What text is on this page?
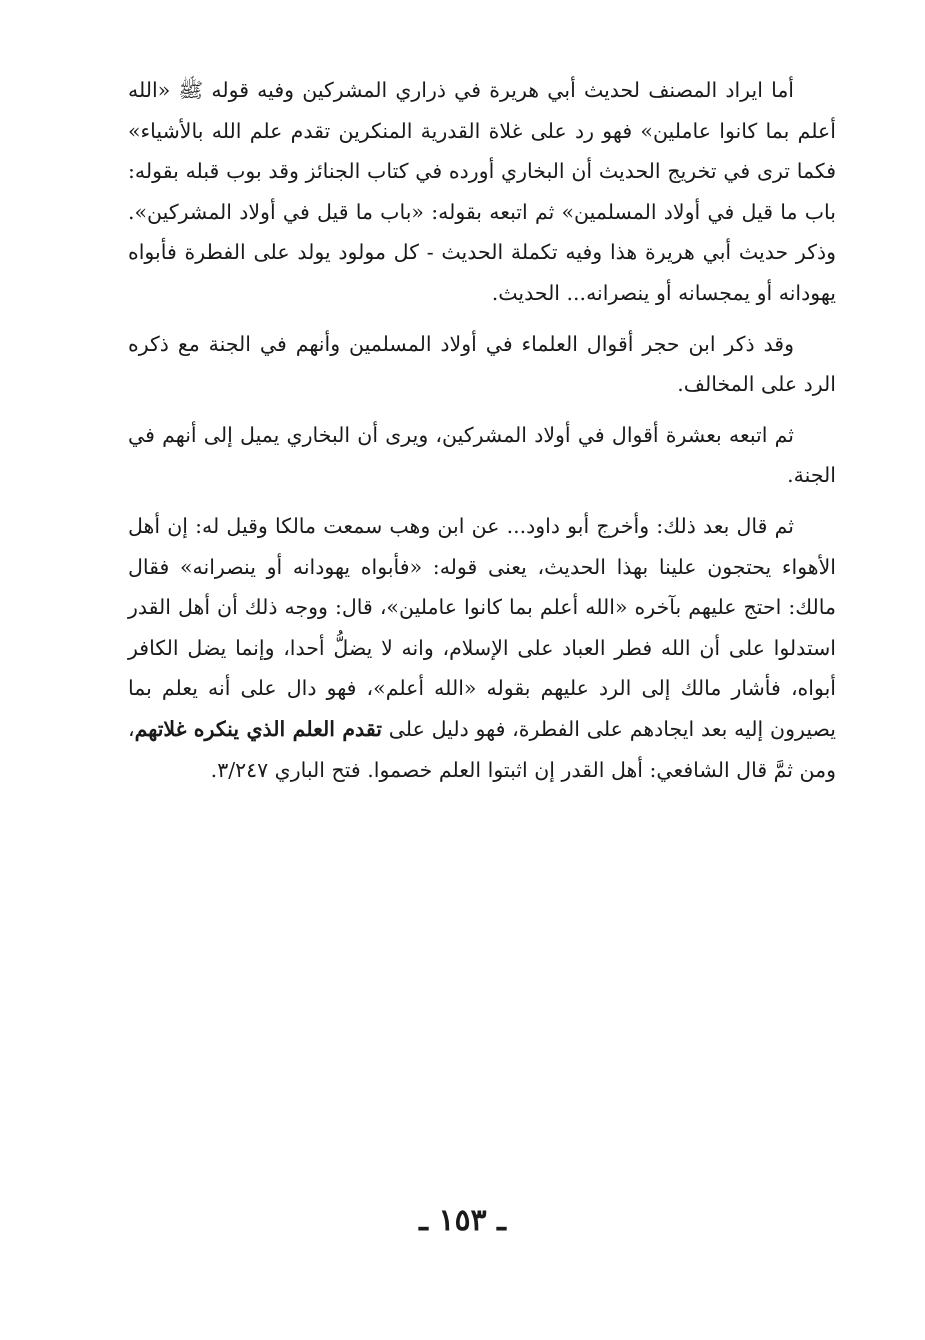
أما ايراد المصنف لحديث أبي هريرة في ذراري المشركين وفيه قوله ﷺ «الله أعلم بما كانوا عاملين» فهو رد على غلاة القدرية المنكرين تقدم علم الله بالأشياء» فكما ترى في تخريج الحديث أن البخاري أورده في كتاب الجنائز وقد بوب قبله بقوله: باب ما قيل في أولاد المسلمين» ثم اتبعه بقوله: «باب ما قيل في أولاد المشركين». وذكر حديث أبي هريرة هذا وفيه تكملة الحديث - كل مولود يولد على الفطرة فأبواه يهودانه أو يمجسانه أو ينصرانه... الحديث.

وقد ذكر ابن حجر أقوال العلماء في أولاد المسلمين وأنهم في الجنة مع ذكره الرد على المخالف.

ثم اتبعه بعشرة أقوال في أولاد المشركين، ويرى أن البخاري يميل إلى أنهم في الجنة.

ثم قال بعد ذلك: وأخرج أبو داود... عن ابن وهب سمعت مالكا وقيل له: إن أهل الأهواء يحتجون علينا بهذا الحديث، يعنى قوله: «فأبواه يهودانه أو ينصرانه» فقال مالك: احتج عليهم بآخره «الله أعلم بما كانوا عاملين»، قال: ووجه ذلك أن أهل القدر استدلوا على أن الله فطر العباد على الإسلام، وانه لا يضلُّ أحدا، وإنما يضل الكافر أبواه، فأشار مالك إلى الرد عليهم بقوله «الله أعلم»، فهو دال على أنه يعلم بما يصيرون إليه بعد ايجادهم على الفطرة، فهو دليل على تقدم العلم الذي ينكره غلاتهم، ومن ثمَّ قال الشافعي: أهل القدر إن اثبتوا العلم خصموا. فتح الباري ٣/٢٤٧.

ـ ١٥٣ ـ
